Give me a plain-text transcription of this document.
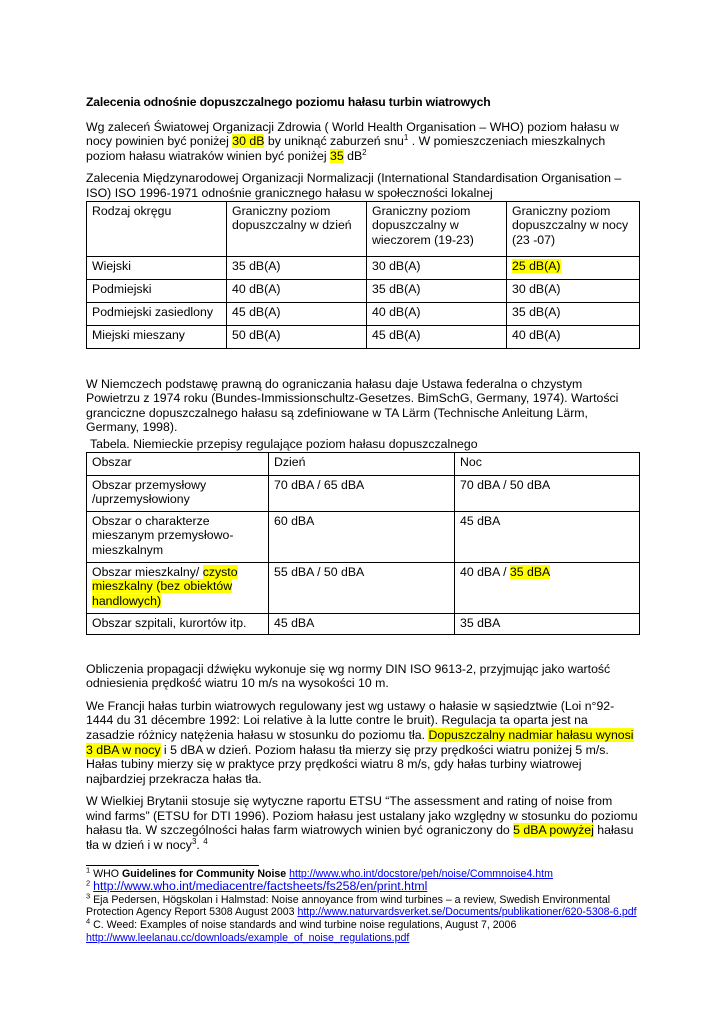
Zalecenia odnośnie dopuszczalnego poziomu hałasu turbin wiatrowych

Wg zaleceń Światowej Organizacji Zdrowia ( World Health Organisation – WHO) poziom hałasu w nocy powinien być poniżej 30 dB by uniknąć zaburzeń snu$^1$ . W pomieszczeniach mieszkalnych poziom hałasu wiatraków winien być poniżej 35 $dB^2$

Zalecenia Międzynarodowej Organizacji Normalizacji (International Standardisation Organisation – ISO) ISO 1996-1971 odnośnie granicznego hałasu w społeczności lokalnej

Rodzaj okręgu	Graniczny poziom dopuszczalny w dzień	Graniczny poziom dopuszczalny w wieczorem (19-23)	Graniczny poziom dopuszczalny w nocy (23 -07)
Wiejski	35 dB(A)	30 dB(A)	25 dB(A)
Podmiejski	40 dB(A)	35 dB(A)	30 dB(A)
Podmiejski zasiedlony	45 dB(A)	40 dB(A)	35 dB(A)
Miejski mieszany	50 dB(A)	45 dB(A)	40 dB(A)

W Niemczech podstawę prawną do ograniczania hałasu daje Ustawa federalna o chzystym Powietrzu z 1974 roku (Bundes-Immissionschultz-Gesetzes. BimSchG, Germany, 1974). Wartości granciczne dopuszczalnego hałasu są zdefiniowane w TA Lärm (Technische Anleitung Lärm, Germany, 1998).

Tabela. Niemieckie przepisy regulające poziom hałasu dopuszczalnego

Obszar	Dzień	Noc
Obszar przemysłowy /uprzemysłowiony	70 dBA / 65 dBA	70 dBA / 50 dBA
Obszar o charakterze mieszanym przemysłowo-mieszkalnym	60 dBA	45 dBA
Obszar mieszkalny/ czysto mieszkalny (bez obiektów handlowych)	55 dBA / 50 dBA	40 dBA / 35 dBA
Obszar szpitali, kurortów itp.	45 dBA	35 dBA

Obliczenia propagacji dźwięku wykonuje się wg normy DIN ISO 9613-2, przyjmując jako wartość odniesienia prędkość wiatru 10 m/s na wysokości 10 m.

We Francji hałas turbin wiatrowych regulowany jest wg ustawy o hałasie w sąsiedztwie (Loi n°92-1444 du 31 décembre 1992: Loi relative à la lutte contre le bruit). Regulacja ta oparta jest na zasadzie różnicy natężenia hałasu w stosunku do poziomu tła. Dopuszczalny nadmiar hałasu wynosi 3 dBA w nocy i 5 dBA w dzień. Poziom hałasu tła mierzy się przy prędkości wiatru poniżej 5 m/s. Hałas tubiny mierzy się w praktyce przy prędkości wiatru 8 m/s, gdy hałas turbiny wiatrowej najbardziej przekracza hałas tła.

W Wielkiej Brytanii stosuje się wytyczne raportu ETSU “The assessment and rating of noise from wind farms” (ETSU for DTI 1996). Poziom hałasu jest ustalany jako względny w stosunku do poziomu hałasu tła. W szczególności hałas farm wiatrowych winien być ograniczony do 5 dBA powyżej hałasu tła w dzień i w nocy$^3$. $^4$

$^1$ WHO Guidelines for Community Noise http://www.who.int/docstore/peh/noise/Commnoise4.htm
$^2$ http://www.who.int/mediacentre/factsheets/fs258/en/print.html
$^3$ Eja Pedersen, Högskolan i Halmstad: Noise annoyance from wind turbines – a review, Swedish Environmental Protection Agency Report 5308 August 2003 http://www.naturvardsverket.se/Documents/publikationer/620-5308-6.pdf
$^4$ C. Weed: Examples of noise standards and wind turbine noise regulations, August 7, 2006
http://www.leelanau.cc/downloads/example_of_noise_regulations.pdf
